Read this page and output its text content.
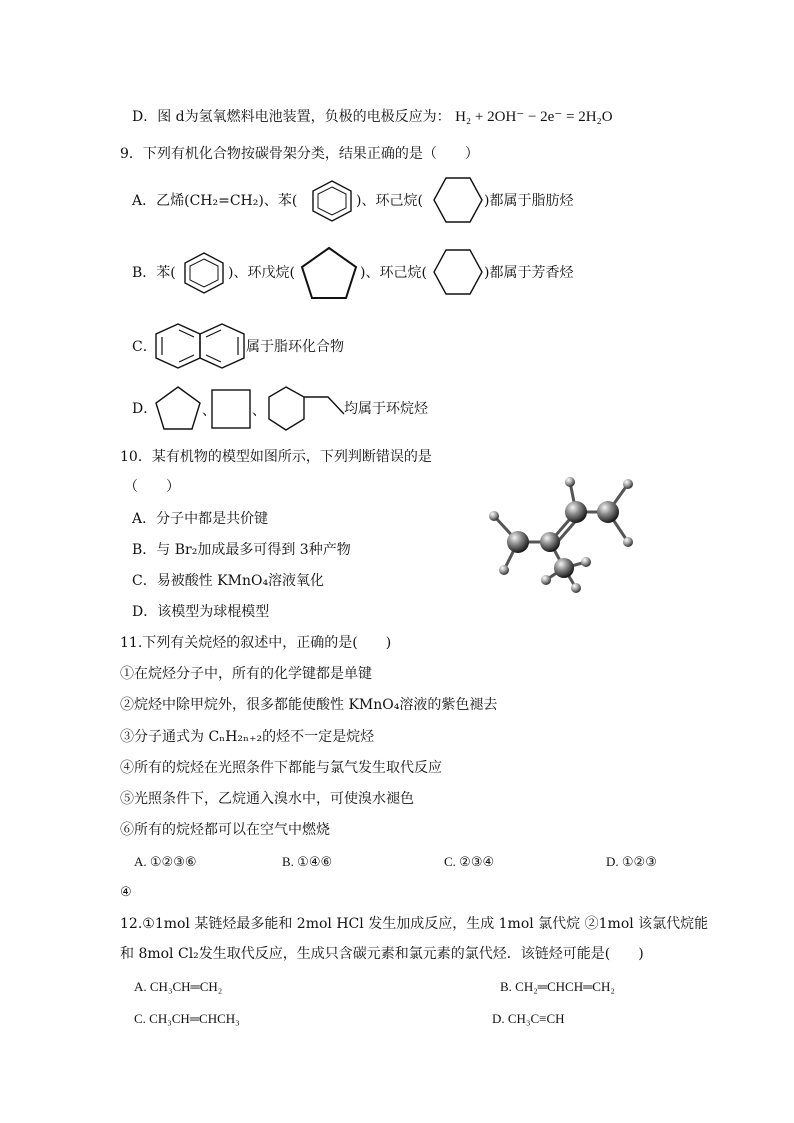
D．图 d为氢氧燃料电池装置，负极的电极反应为： H₂ + 2OH⁻ − 2e⁻ = 2H₂O
9．下列有机化合物按碳骨架分类，结果正确的是（　　）
A．乙烯(CH₂=CH₂)、苯(	)、环己烷(	)都属于脂肪烃
B．苯(	)、环戊烷(	)、环己烷(	)都属于芳香烃
C．	属于脂环化合物
D．	、	、	均属于环烷烃
10．某有机物的模型如图所示，下列判断错误的是
（　　）
A．分子中都是共价键
B．与 Br₂加成最多可得到 3种产物
C．易被酸性 KMnO₄溶液氧化
D．该模型为球棍模型
11.下列有关烷烃的叙述中，正确的是(　　)
①在烷烃分子中，所有的化学键都是单键
②烷烃中除甲烷外，很多都能使酸性 KMnO₄溶液的紫色褪去
③分子通式为 CₙH₂ₙ₊₂的烃不一定是烷烃
④所有的烷烃在光照条件下都能与氯气发生取代反应
⑤光照条件下，乙烷通入溴水中，可使溴水褪色
⑥所有的烷烃都可以在空气中燃烧
A. ①②③⑥	B. ①④⑥	C. ②③④	D. ①②③
④
12.①1mol 某链烃最多能和 2mol HCl 发生加成反应，生成 1mol 氯代烷 ②1mol 该氯代烷能
和 8mol Cl₂发生取代反应，生成只含碳元素和氯元素的氯代烃．该链烃可能是(　　)
A. CH₃CH═CH₂	B. CH₂═CHCH═CH₂
C. CH₃CH═CHCH₃	D. CH₃C≡CH
